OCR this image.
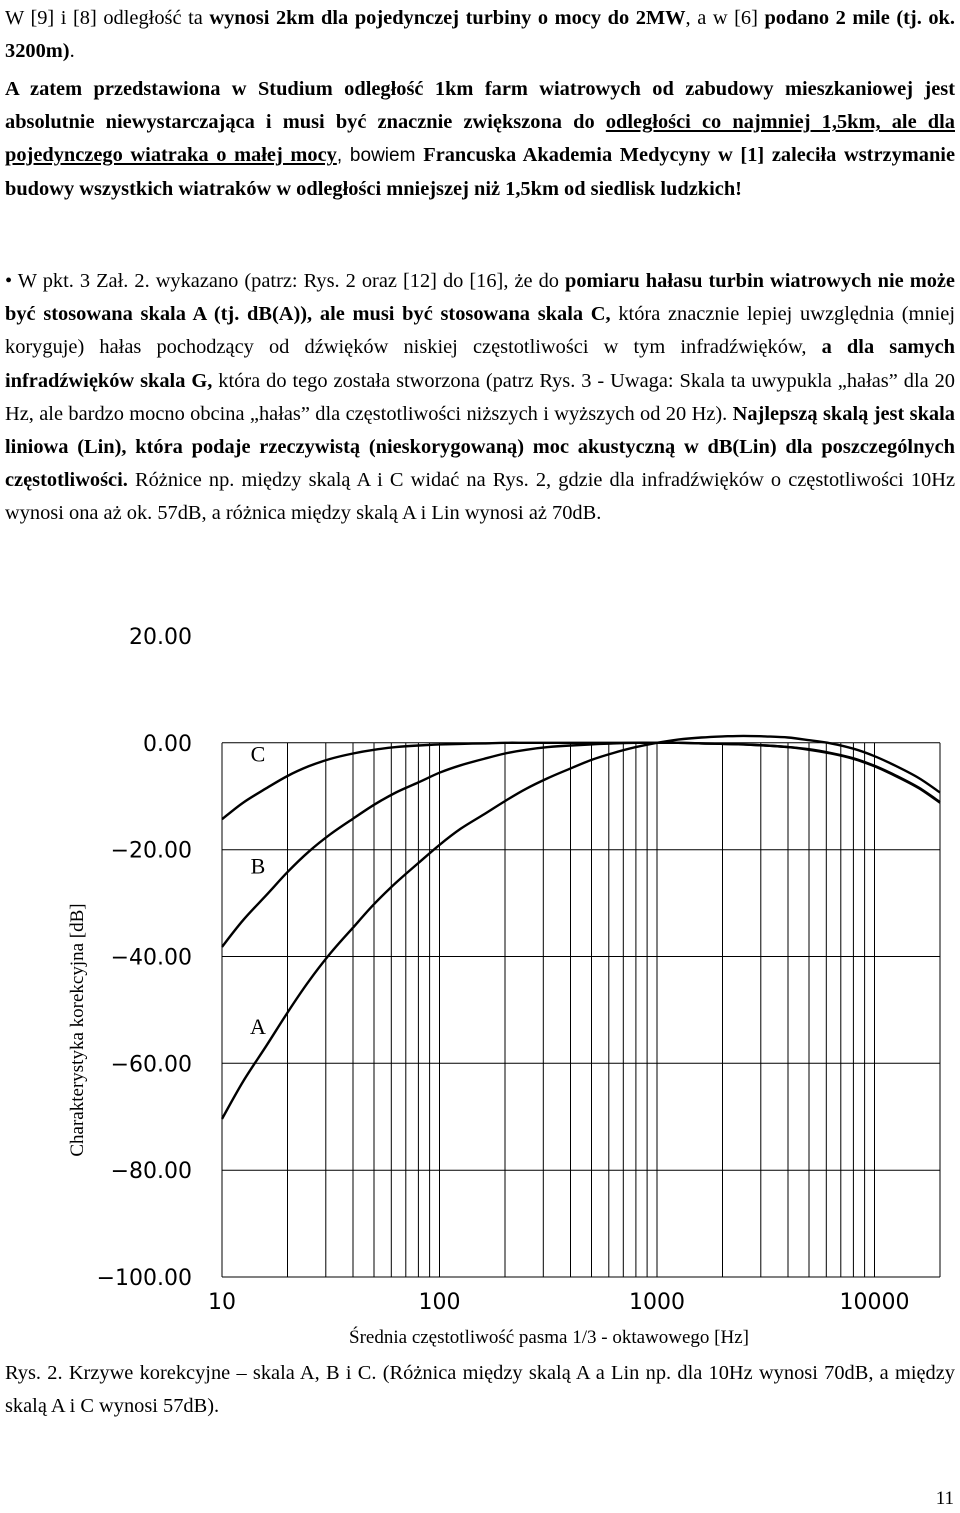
W [9] i [8] odległość ta wynosi 2km dla pojedynczej turbiny o mocy do 2MW, a w [6] podano 2 mile (tj. ok. 3200m).

A zatem przedstawiona w Studium odległość 1km farm wiatrowych od zabudowy mieszkaniowej jest absolutnie niewystarczająca i musi być znacznie zwiększona do odległości co najmniej 1,5km, ale dla pojedynczego wiatraka o małej mocy, bowiem Francuska Akademia Medycyny w [1] zaleciła wstrzymanie budowy wszystkich wiatraków w odległości mniejszej niż 1,5km od siedlisk ludzkich!

• W pkt. 3 Zał. 2. wykazano (patrz: Rys. 2 oraz [12] do [16], że do pomiaru hałasu turbin wiatrowych nie może być stosowana skala A (tj. dB(A)), ale musi być stosowana skala C, która znacznie lepiej uwzględnia (mniej koryguje) hałas pochodzący od dźwięków niskiej częstotliwości w tym infradźwięków, a dla samych infradźwięków skala G, która do tego została stworzona (patrz Rys. 3 - Uwaga: Skala ta uwypukla „hałas” dla 20 Hz, ale bardzo mocno obcina „hałas” dla częstotliwości niższych i wyższych od 20 Hz). Najlepszą skalą jest skala liniowa (Lin), która podaje rzeczywistą (nieskorygowaną) moc akustyczną w dB(Lin) dla poszczególnych częstotliwości. Różnice np. między skalą A i C widać na Rys. 2, gdzie dla infradźwięków o częstotliwości 10Hz wynosi ona aż ok. 57dB, a różnica między skalą A i Lin wynosi aż 70dB.

20.00
0.00
−20.00
−40.00
−60.00
−80.00
−100.00
10	100	1000	10000
A
B
C
Charakterystyka korekcyjna [dB]
Średnia częstotliwość pasma 1/3 - oktawowego [Hz]

Rys. 2. Krzywe korekcyjne – skala A, B i C. (Różnica między skalą A a Lin np. dla 10Hz wynosi 70dB, a między skalą A i C wynosi 57dB).

11
